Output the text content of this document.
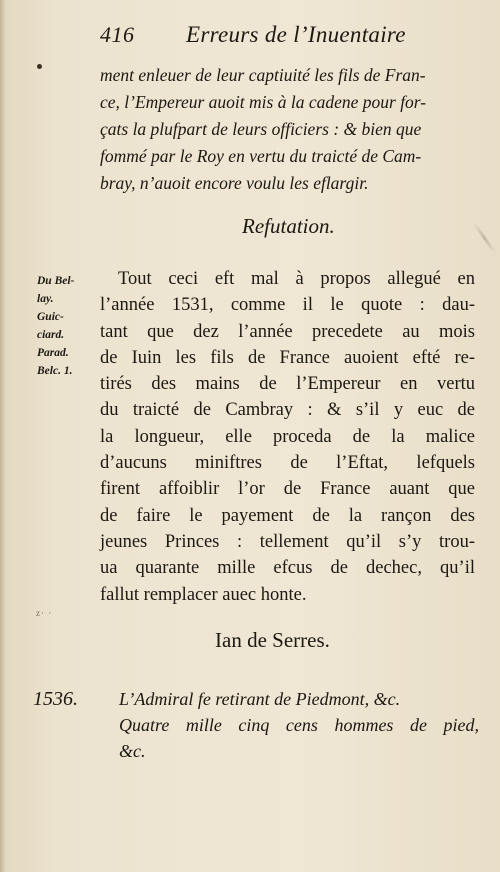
416 Erreurs de l’Inuentaire
ment enleuer de leur captiuité les fils de Fran-
ce, l’Empereur auoit mis à la cadene pour for-
çats la plufpart de leurs officiers : & bien que
fommé par le Roy en vertu du traicté de Cam-
bray, n’auoit encore voulu les eflargir.
Refutation.
Du Bel-
lay.
Guic-
ciard.
Parad.
Belc. 1.
Tout ceci eft mal à propos allegué en
l’année 1531, comme il le quote : dau-
tant que dez l’année precedete au mois
de Iuin les fils de France auoient efté re-
tirés des mains de l’Empereur en vertu
du traicté de Cambray : & s’il y euc de
la longueur, elle proceda de la malice
d’aucuns miniftres de l’Eftat, lefquels
firent affoiblir l’or de France auant que
de faire le payement de la rançon des
jeunes Princes : tellement qu’il s’y trou-
ua quarante mille efcus de dechec, qu’il
fallut remplacer auec honte.
z· ·
Ian de Serres.
1536. L’Admiral fe retirant de Piedmont, &c.
Quatre mille cinq cens hommes de pied,
&c.
